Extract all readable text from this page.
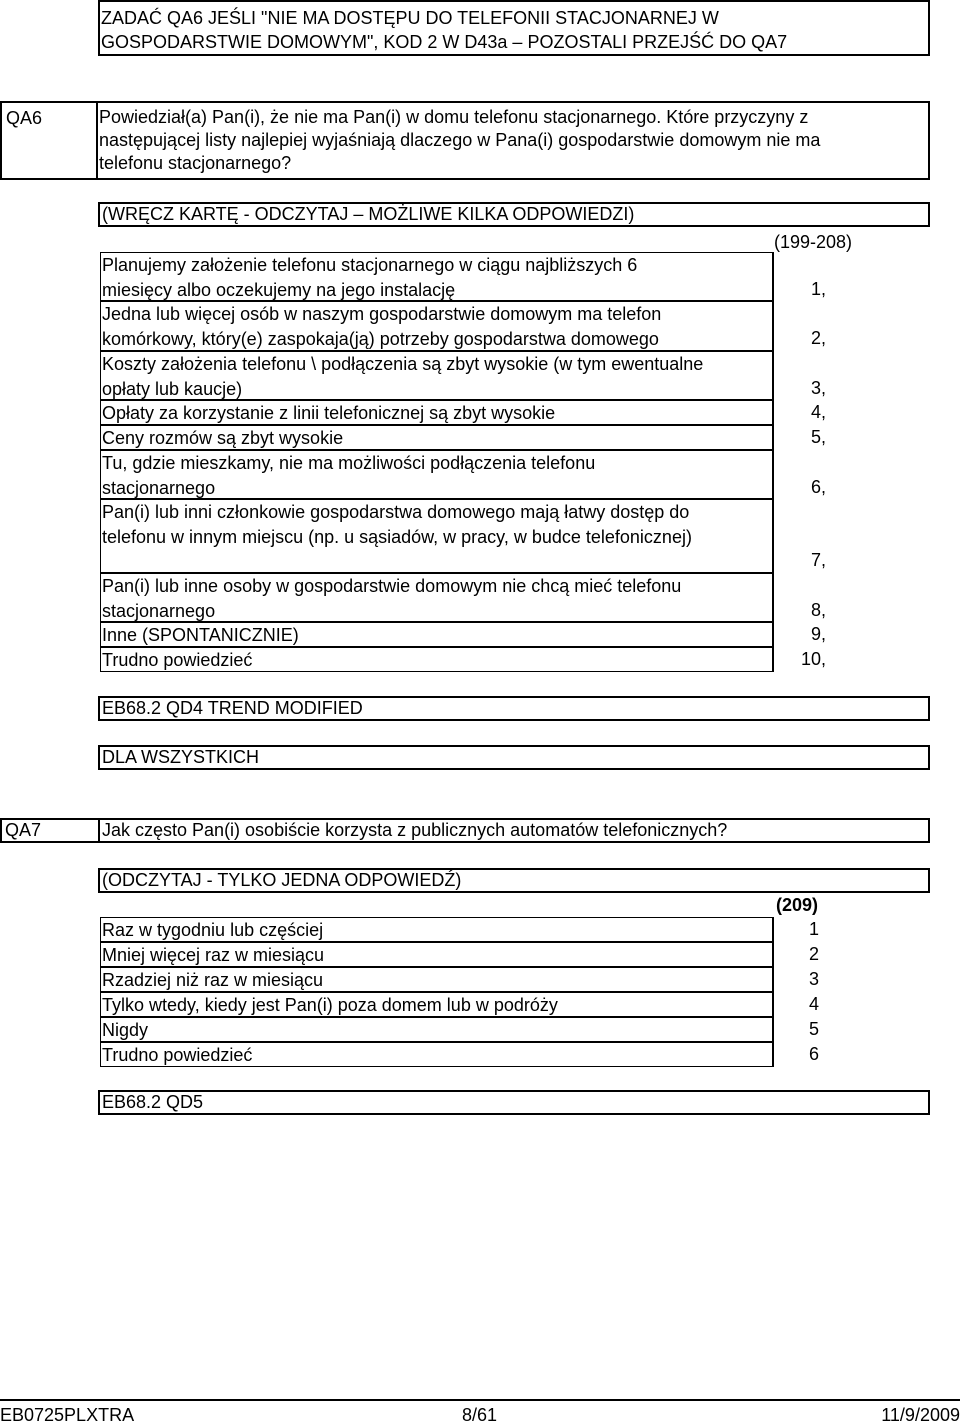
ZADAĆ QA6 JEŚLI "NIE MA DOSTĘPU DO TELEFONII STACJONARNEJ W
GOSPODARSTWIE DOMOWYM", KOD 2 W D43a – POZOSTALI PRZEJŚĆ DO QA7
QA6	Powiedział(a) Pan(i), że nie ma Pan(i) w domu telefonu stacjonarnego. Które przyczyny z
następującej listy najlepiej wyjaśniają dlaczego w Pana(i) gospodarstwie domowym nie ma
telefonu stacjonarnego?
(WRĘCZ KARTĘ - ODCZYTAJ – MOŻLIWE KILKA ODPOWIEDZI)
(199-208)
Planujemy założenie telefonu stacjonarnego w ciągu najbliższych 6
miesięcy albo oczekujemy na jego instalację	1,
Jedna lub więcej osób w naszym gospodarstwie domowym ma telefon
komórkowy, który(e) zaspokaja(ją) potrzeby gospodarstwa domowego	2,
Koszty założenia telefonu \ podłączenia są zbyt wysokie (w tym ewentualne
opłaty lub kaucje)	3,
Opłaty za korzystanie z linii telefonicznej są zbyt wysokie	4,
Ceny rozmów są zbyt wysokie	5,
Tu, gdzie mieszkamy, nie ma możliwości podłączenia telefonu
stacjonarnego	6,
Pan(i) lub inni członkowie gospodarstwa domowego mają łatwy dostęp do
telefonu w innym miejscu (np. u sąsiadów, w pracy, w budce telefonicznej)
7,
Pan(i) lub inne osoby w gospodarstwie domowym nie chcą mieć telefonu
stacjonarnego	8,
Inne (SPONTANICZNIE)	9,
Trudno powiedzieć	10,
EB68.2 QD4 TREND MODIFIED
DLA WSZYSTKICH
QA7	Jak często Pan(i) osobiście korzysta z publicznych automatów telefonicznych?
(ODCZYTAJ - TYLKO JEDNA ODPOWIEDŹ)
(209)
Raz w tygodniu lub częściej	1
Mniej więcej raz w miesiącu	2
Rzadziej niż raz w miesiącu	3
Tylko wtedy, kiedy jest Pan(i) poza domem lub w podróży	4
Nigdy	5
Trudno powiedzieć	6
EB68.2 QD5
EB0725PLXTRA	8/61	11/9/2009
